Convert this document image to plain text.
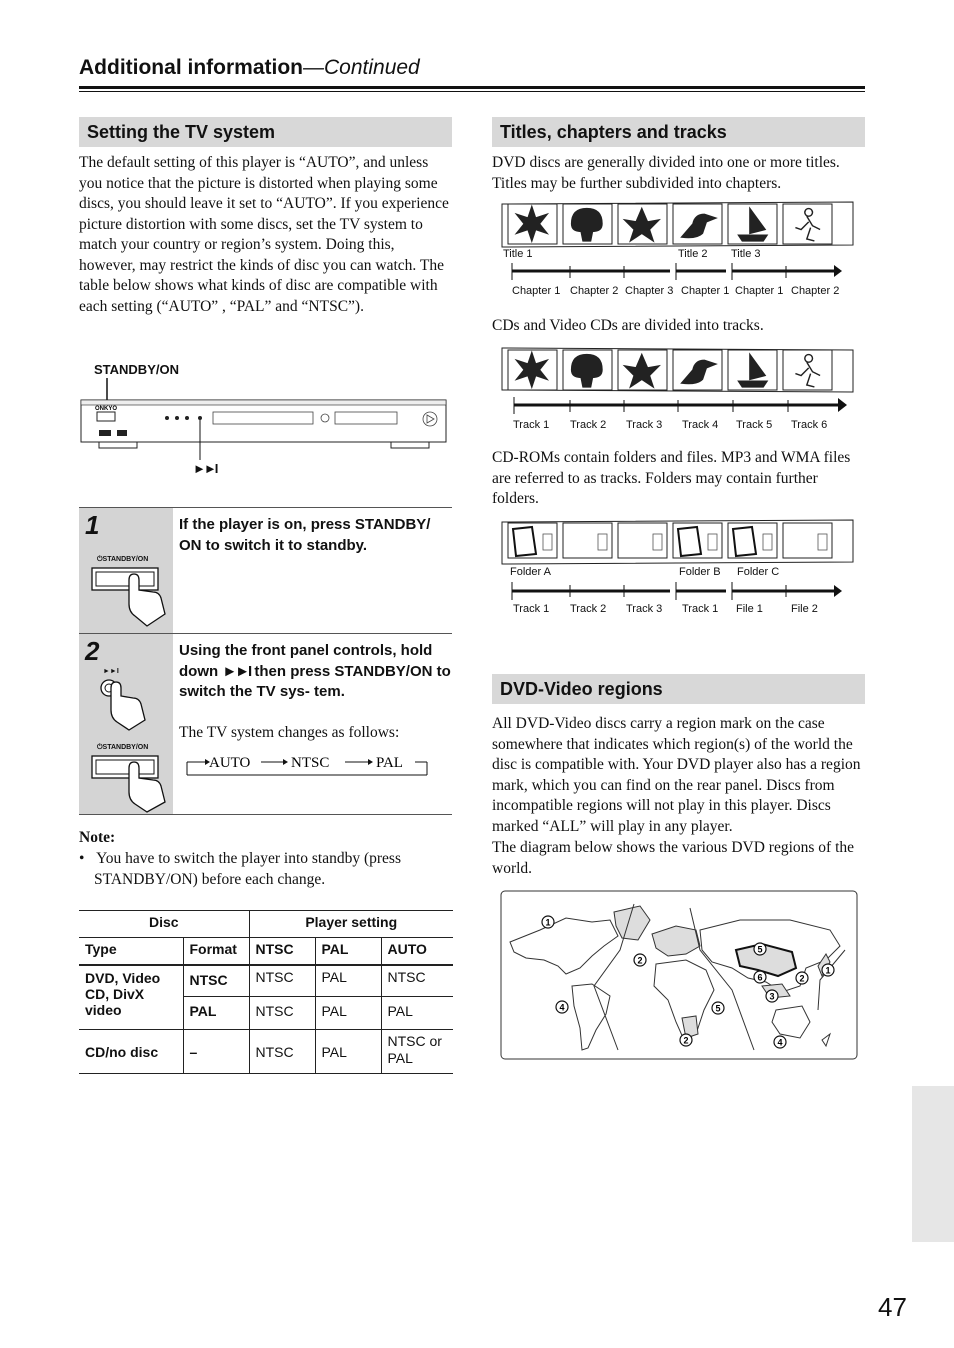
Additional information—Continued
Setting the TV system
The default setting of this player is “AUTO”, and unless you notice that the picture is distorted when playing some discs, you should leave it set to “AUTO”. If you experience picture distortion with some discs, set the TV system to match your country or region’s system. Doing this, however, may restrict the kinds of disc you can watch. The table below shows what kinds of disc are compatible with each setting (“AUTO” , “PAL” and “NTSC”).
STANDBY/ON
ONKYO
►►I
1
⏻STANDBY/ON
If the player is on, press STANDBY/ ON to switch it to standby.
2
►►I
⏻STANDBY/ON
Using the front panel controls, hold down ►►I then press STANDBY/ON to switch the TV sys- tem.
The TV system changes as follows:
AUTO	NTSC	PAL
Note:
•   You have to switch the player into standby (press STANDBY/ON) before each change.
Disc		Player setting		
Type	Format	NTSC	PAL	AUTO
DVD, Video CD, DivX video	NTSC	NTSC	PAL	NTSC
	PAL	NTSC	PAL	PAL
CD/no disc	–	NTSC	PAL	NTSC or PAL
Titles, chapters and tracks
DVD discs are generally divided into one or more titles. Titles may be further subdivided into chapters.
Title 1	Title 2 Title 3
Chapter 1 Chapter 2 Chapter 3 Chapter 1 Chapter 1 Chapter 2
CDs and Video CDs are divided into tracks.
Track 1 Track 2 Track 3 Track 4 Track 5 Track 6
CD-ROMs contain folders and files. MP3 and WMA files are referred to as tracks. Folders may contain further folders.
Folder A	Folder B Folder C
Track 1 Track 2 Track 3 Track 1 File 1	File 2
DVD-Video regions
All DVD-Video discs carry a region mark on the case somewhere that indicates which region(s) of the world the disc is compatible with. Your DVD player also has a region mark, which you can find on the rear panel. Discs from incompatible regions will not play in this player. Discs marked “ALL” will play in any player.
The diagram below shows the various DVD regions of the world.
1
2
4
5
5
2
6	2
1
3
4
47
